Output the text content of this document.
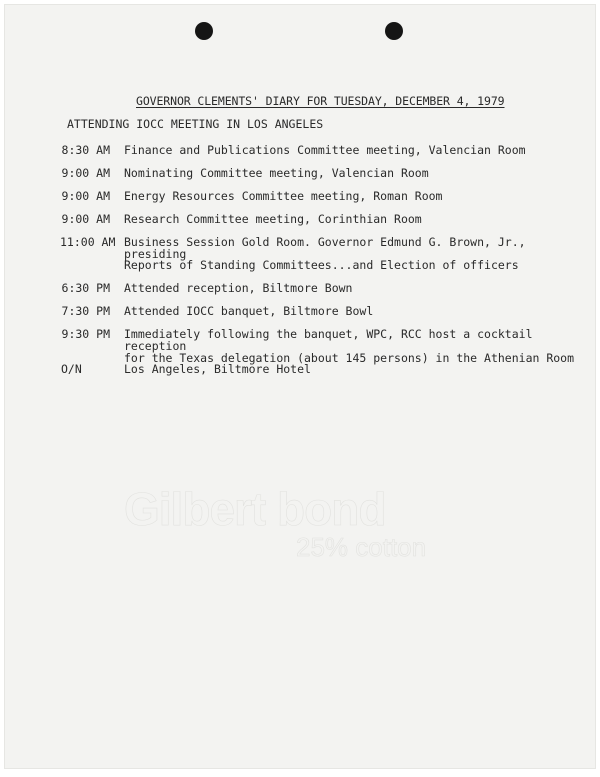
Gilbert bond
25% cotton
GOVERNOR CLEMENTS' DIARY FOR TUESDAY, DECEMBER 4, 1979
ATTENDING IOCC MEETING IN LOS ANGELES
8:30 AM Finance and Publications Committee meeting, Valencian Room
9:00 AM Nominating Committee meeting, Valencian Room
9:00 AM Energy Resources Committee meeting, Roman Room
9:00 AM Research Committee meeting, Corinthian Room
11:00 AM Business Session Gold Room. Governor Edmund G. Brown, Jr., presiding
Reports of Standing Committees...and Election of officers
6:30 PM Attended reception, Biltmore Bown
7:30 PM Attended IOCC banquet, Biltmore Bowl
9:30 PM Immediately following the banquet, WPC, RCC host a cocktail reception
for the Texas delegation (about 145 persons) in the Athenian Room
O/N	Los Angeles, Biltmore Hotel
